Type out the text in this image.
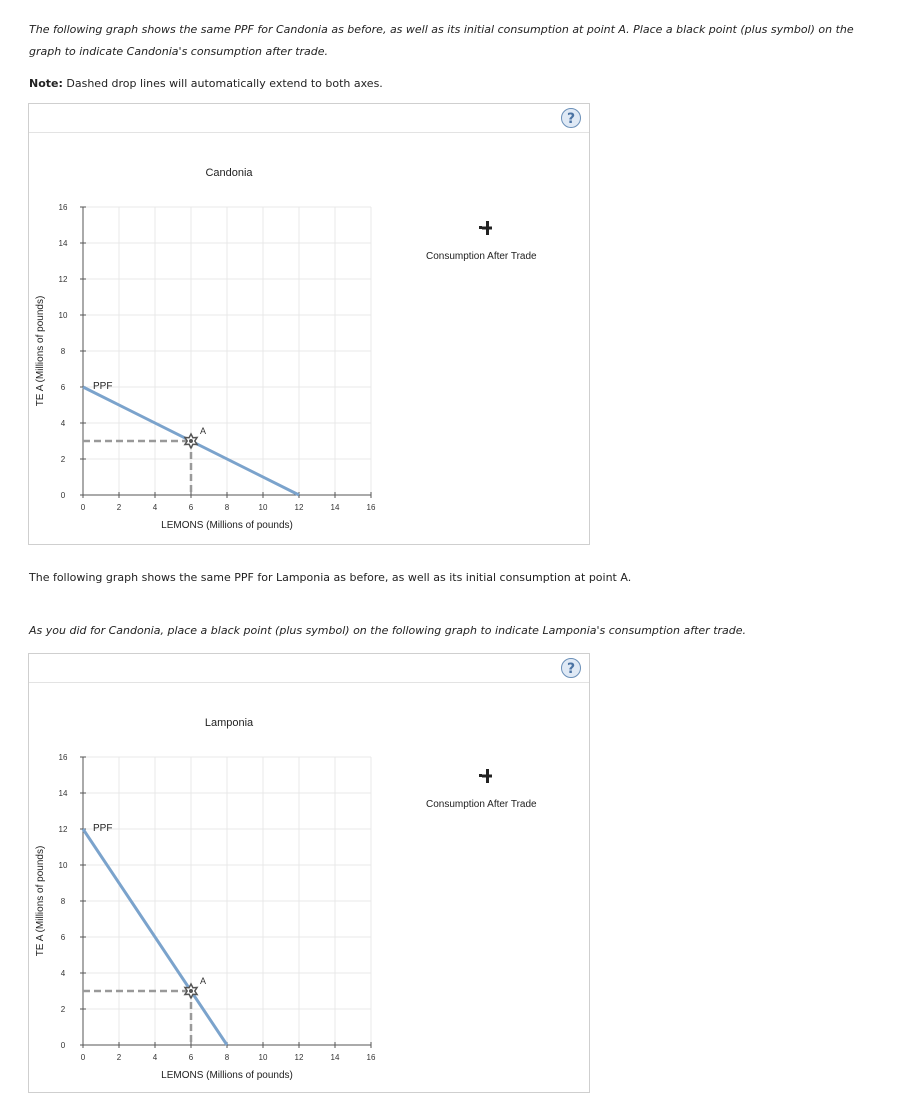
The following graph shows the same PPF for Candonia as before, as well as its initial consumption at point A. Place a black point (plus symbol) on the graph to indicate Candonia's consumption after trade.
Note: Dashed drop lines will automatically extend to both axes.
?
Candonia
0	2	4	6	8	10	12	14	16
0
2
4
6
8
10
12
14
16
LEMONS (Millions of pounds)
TE A (Millions of pounds)	PPF
A
Consumption After Trade
The following graph shows the same PPF for Lamponia as before, as well as its initial consumption at point A.
As you did for Candonia, place a black point (plus symbol) on the following graph to indicate Lamponia's consumption after trade.
?
Lamponia
0	2	4	6	8	10	12	14	16
0
2
4
6
8
10
12
14
16
LEMONS (Millions of pounds)
TE A (Millions of pounds)
PPF
A
Consumption After Trade
